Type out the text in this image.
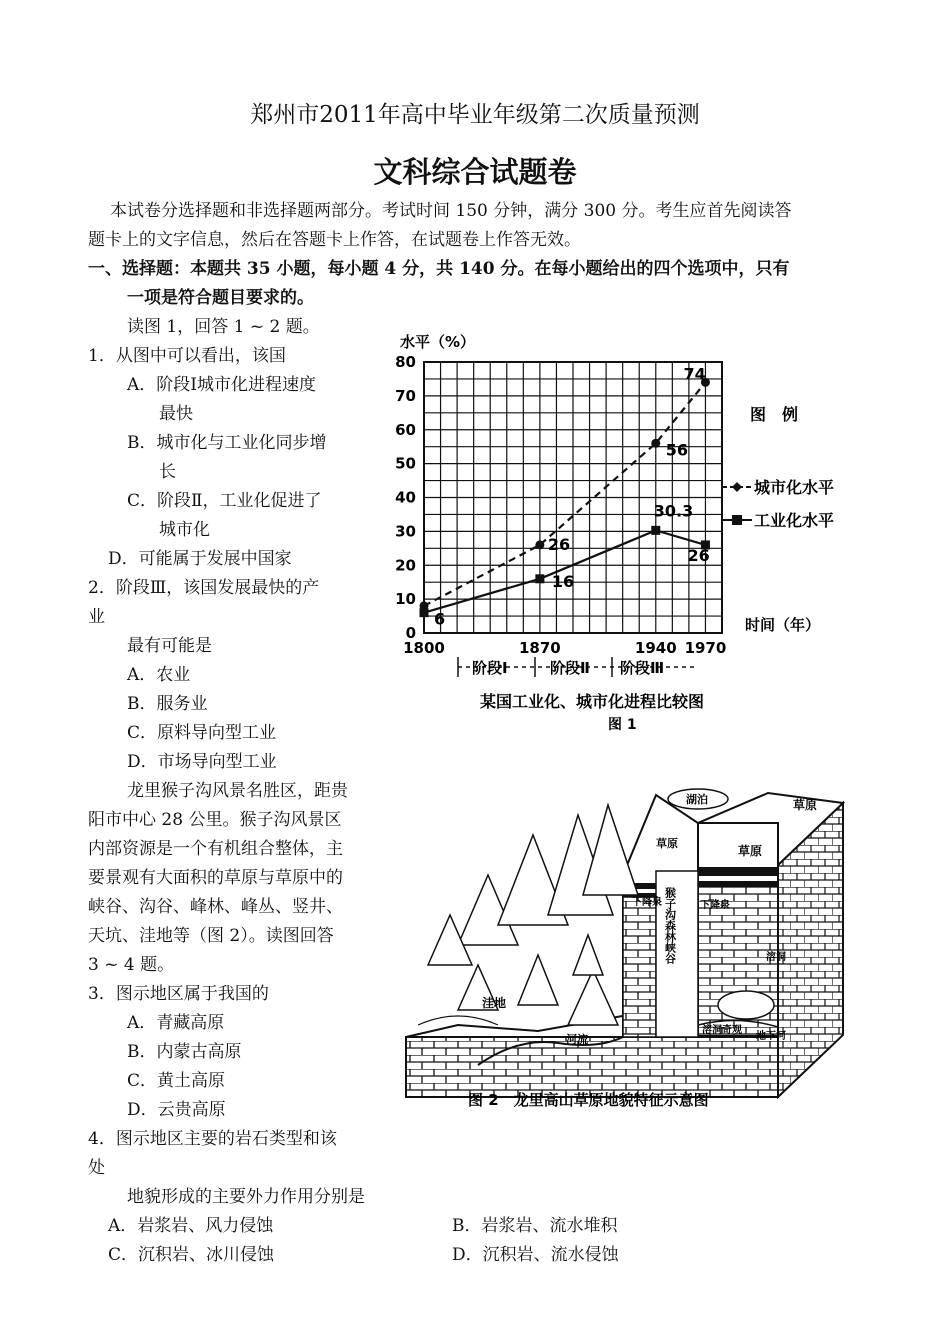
郑州市2011年高中毕业年级第二次质量预测
文科综合试题卷
本试卷分选择题和非选择题两部分。考试时间 150 分钟，满分 300 分。考生应首先阅读答
题卡上的文字信息，然后在答题卡上作答，在试题卷上作答无效。
一、选择题：本题共 35 小题，每小题 4 分，共 140 分。在每小题给出的四个选项中，只有
一项是符合题目要求的。
读图 1，回答 1 ~ 2 题。
1．从图中可以看出，该国
A．阶段Ⅰ城市化进程速度
最快
B．城市化与工业化同步增
长
C．阶段Ⅱ，工业化促进了
城市化
D．可能属于发展中国家
2．阶段Ⅲ，该国发展最快的产
业
最有可能是
A．农业
B．服务业
C．原料导向型工业
D．市场导向型工业
龙里猴子沟风景名胜区，距贵
阳市中心 28 公里。猴子沟风景区
内部资源是一个有机组合整体，主
要景观有大面积的草原与草原中的
峡谷、沟谷、峰林、峰丛、竖井、
天坑、洼地等（图 2）。读图回答
3 ~ 4 题。
3．图示地区属于我国的
A．青藏高原
B．内蒙古高原
C．黄土高原
D．云贵高原
4．图示地区主要的岩石类型和该
处
地貌形成的主要外力作用分别是
A．岩浆岩、风力侵蚀	B．岩浆岩、流水堆积
C．沉积岩、冰川侵蚀	D．沉积岩、流水侵蚀
0
10
20
30
40
50
60
70
80
1800	1870	1940 1970
26
56
74
6
16
30.3
26
水平（%）
时间（年）
图　例
城市化水平
工业化水平
阶段Ⅰ	阶段Ⅱ 阶段Ⅲ
某国工业化、城市化进程比较图
图 1
湖泊	草原
草原
草原
下降泉	下降泉
猴子沟森林峡谷	溶洞
洼地
河流
溶洞奇观
地下河
图 2　龙里高山草原地貌特征示意图
